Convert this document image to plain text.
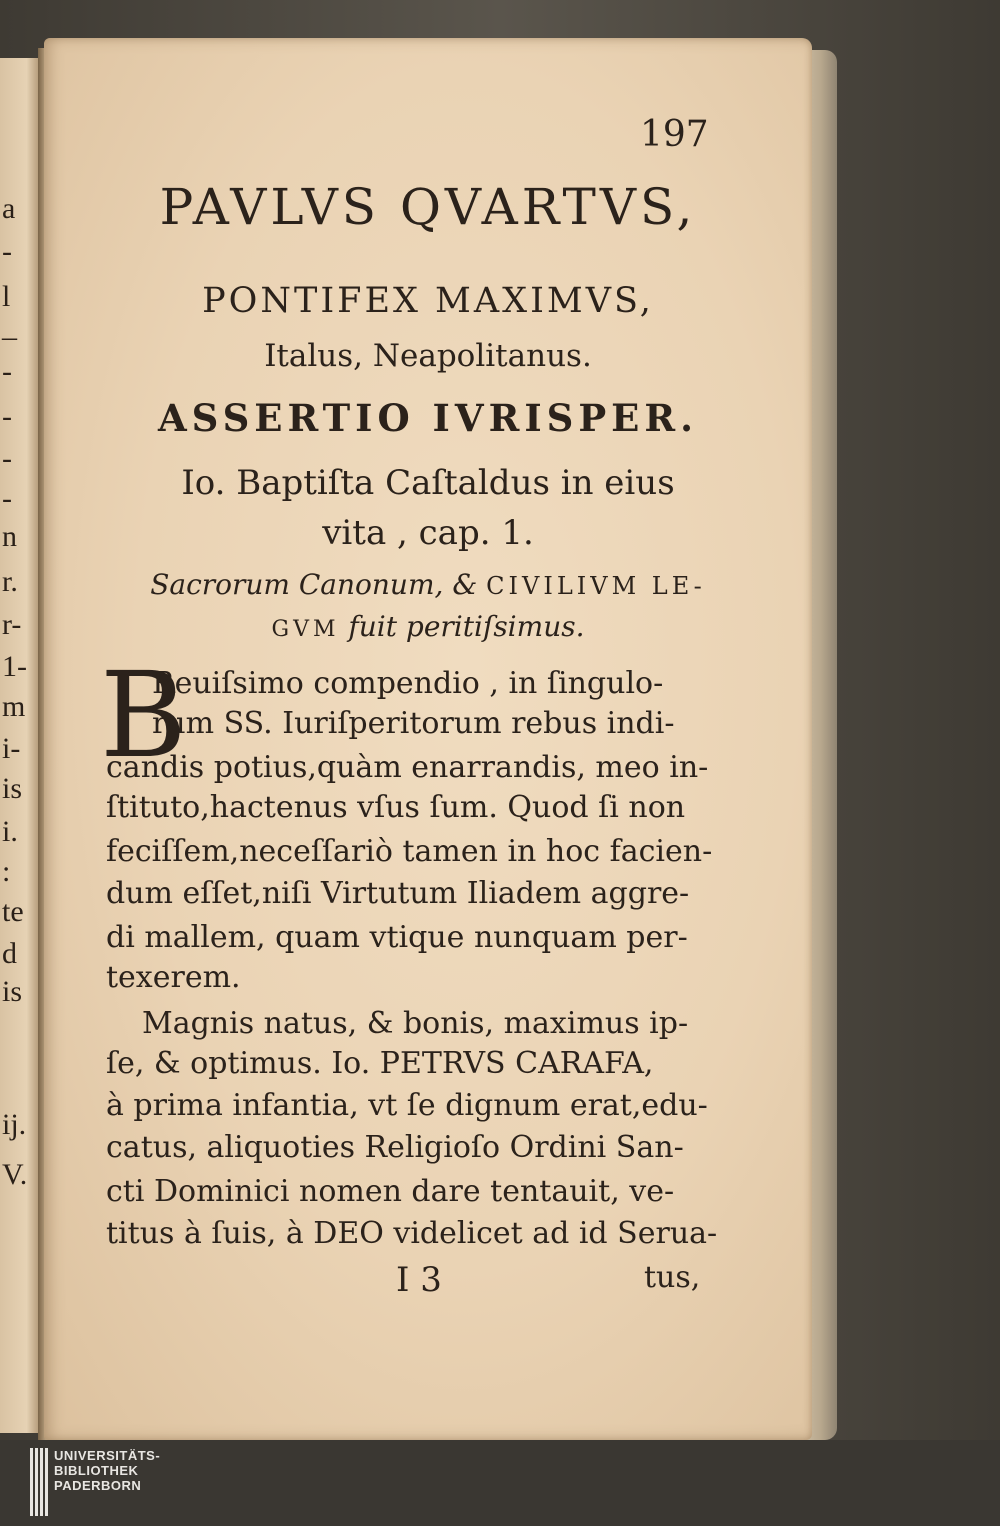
a
-
l
_
-
-
-
-
n
r.
r-
1-
m
i-
is
i.
:
te
d
is
ij.
V.
197
PAVLVS QVARTVS,
PONTIFEX MAXIMVS,
Italus, Neapolitanus.
ASSERTIO IVRISPER.
Io. Baptiſta Caſtaldus in eius
vita , cap. 1.
Sacrorum Canonum, & CIVILIVM LE-
GVM fuit peritiſsimus.
B
Reuiſsimo compendio , in ſingulo-
rum SS. Iuriſperitorum rebus indi-
candis potius,quàm enarrandis, meo in-
ſtituto,hactenus vſus ſum. Quod ſi non
feciſſem,neceſſariò tamen in hoc facien-
dum eſſet,niſi Virtutum Iliadem aggre-
di mallem, quam vtique nunquam per-
texerem.
Magnis natus, & bonis, maximus ip-
ſe, & optimus. Io. PETRVS CARAFA,
à prima infantia, vt ſe dignum erat,edu-
catus, aliquoties Religioſo Ordini San-
cti Dominici nomen dare tentauit, ve-
titus à ſuis, à DEO videlicet ad id Serua-
I 3	tus,
UNIVERSITÄTS-
BIBLIOTHEK
PADERBORN
